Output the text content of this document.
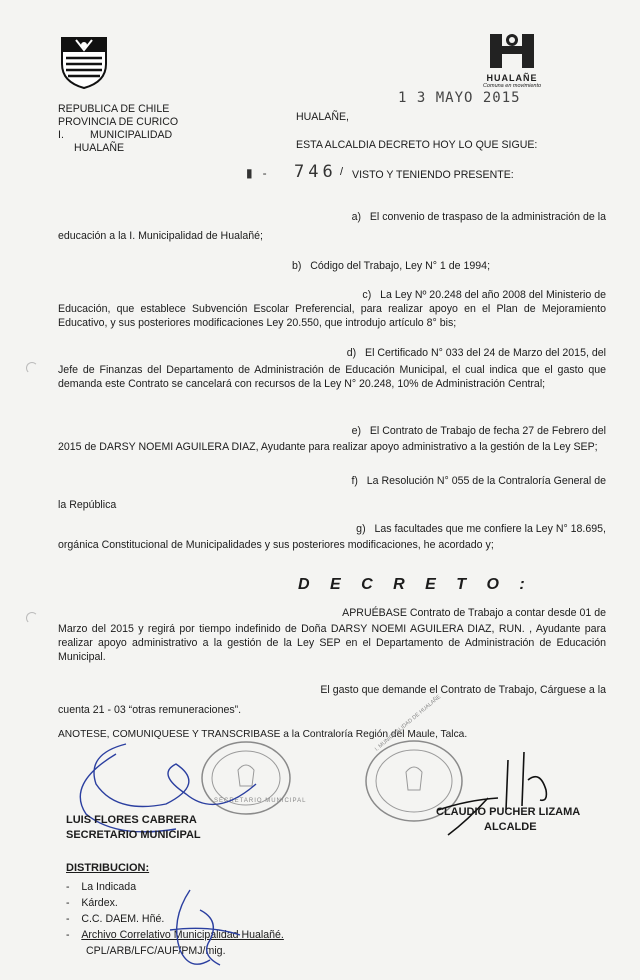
HUALAÑE
Comuna en movimiento
REPUBLICA DE CHILE
PROVINCIA DE CURICO
I. MUNICIPALIDAD
HUALAÑE
HUALAÑE,
1 3 MAYO 2015
ESTA ALCALDIA DECRETO HOY LO QUE SIGUE:
▮   - 746 VISTO Y TENIENDO PRESENTE:
/
a) El convenio de traspaso de la administración de la
educación a la I. Municipalidad de Hualañé;
b) Código del Trabajo, Ley N° 1 de 1994;
c) La Ley Nº 20.248 del año 2008 del Ministerio de
Educación, que establece Subvención Escolar Preferencial, para realizar apoyo en el Plan de Mejoramiento Educativo, y sus posteriores modificaciones Ley 20.550, que introdujo artículo 8° bis;
d) El Certificado N° 033 del 24 de Marzo del 2015, del
Jefe de Finanzas del Departamento de Administración de Educación Municipal, el cual indica que el gasto que demanda este Contrato se cancelará con recursos de la Ley N° 20.248, 10% de Administración Central;
e) El Contrato de Trabajo de fecha 27 de Febrero del
2015 de DARSY NOEMI AGUILERA DIAZ, Ayudante para realizar apoyo administrativo a la gestión de la Ley SEP;
f) La Resolución N° 055 de la Contraloría General de
la República
g) Las facultades que me confiere la Ley N° 18.695,
orgánica Constitucional de Municipalidades y sus posteriores modificaciones, he acordado y;
D E C R E T O :
APRUÉBASE Contrato de Trabajo a contar desde 01 de
Marzo del 2015 y regirá por tiempo indefinido de Doña DARSY NOEMI AGUILERA DIAZ, RUN. , Ayudante para realizar apoyo administrativo a la gestión de la Ley SEP en el Departamento de Administración de Educación Municipal.
El gasto que demande el Contrato de Trabajo, Cárguese a la
cuenta 21 - 03 “otras remuneraciones”.
ANOTESE, COMUNIQUESE Y TRANSCRIBASE a la Contraloría Región del Maule, Talca.
SECRETARIO MUNICIPAL
I. MUNICIPALIDAD DE HUALAÑE
LUIS FLORES CABRERA
SECRETARIO MUNICIPAL
CLAUDIO PUCHER LIZAMA
ALCALDE
DISTRIBUCION:
-    La Indicada
-    Kárdex.
-    C.C. DAEM. Hñé.
-    Archivo Correlativo Municipalidad Hualañé.
CPL/ARB/LFC/AUF/PMJ/mig.
